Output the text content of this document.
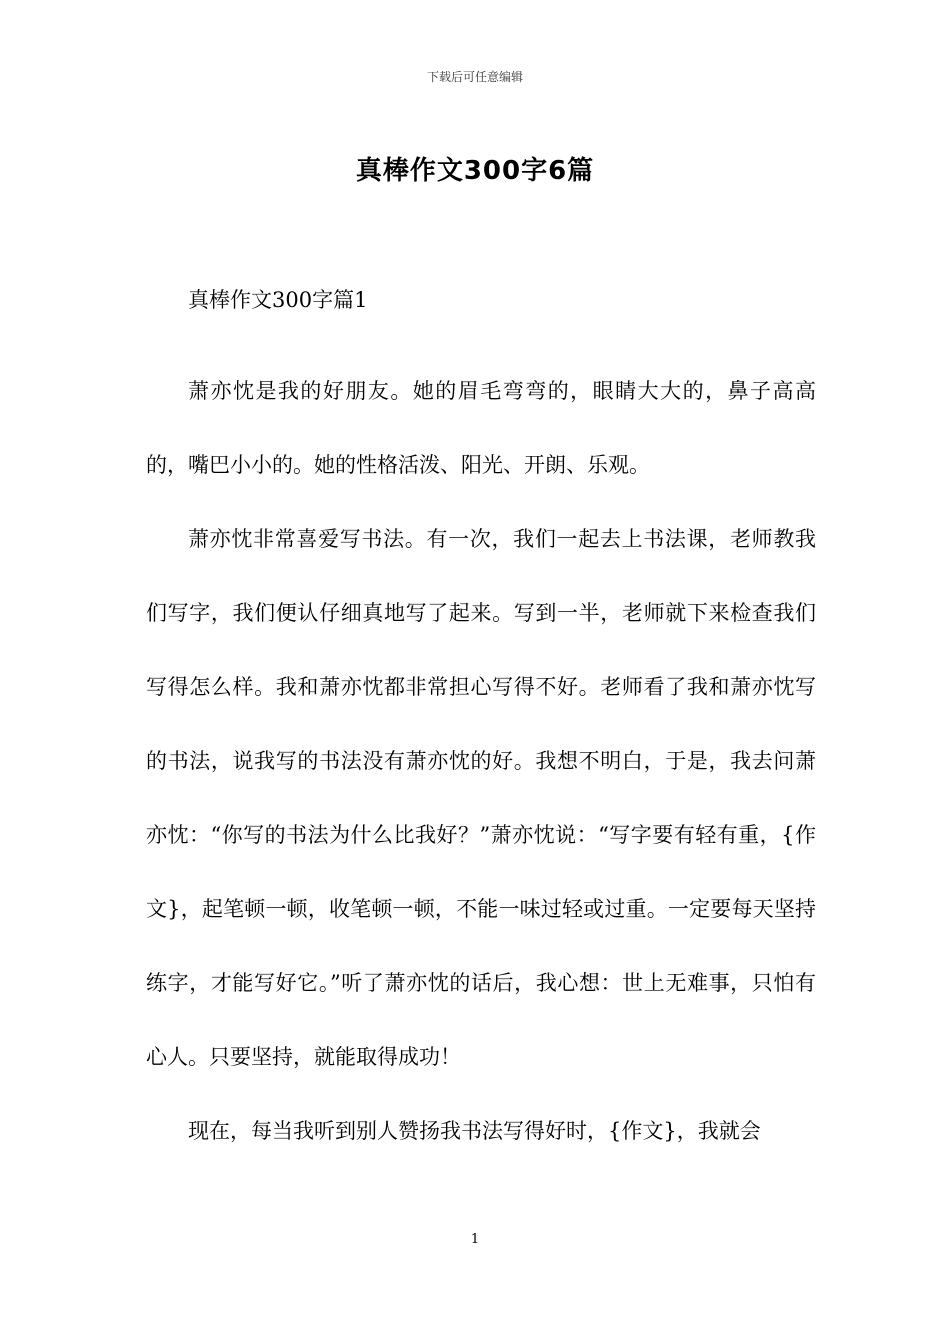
下载后可任意编辑
真棒作文300字6篇

真棒作文300字篇1

萧亦忱是我的好朋友。她的眉毛弯弯的，眼睛大大的，鼻子高高的，嘴巴小小的。她的性格活泼、阳光、开朗、乐观。

萧亦忱非常喜爱写书法。有一次，我们一起去上书法课，老师教我们写字，我们便认仔细真地写了起来。写到一半，老师就下来检查我们写得怎么样。我和萧亦忱都非常担心写得不好。老师看了我和萧亦忱写的书法，说我写的书法没有萧亦忱的好。我想不明白，于是，我去问萧亦忱：“你写的书法为什么比我好？”萧亦忱说：“写字要有轻有重，{作文}，起笔顿一顿，收笔顿一顿，不能一味过轻或过重。一定要每天坚持练字，才能写好它。”听了萧亦忱的话后，我心想：世上无难事，只怕有心人。只要坚持，就能取得成功！

现在，每当我听到别人赞扬我书法写得好时，{作文}，我就会

1
